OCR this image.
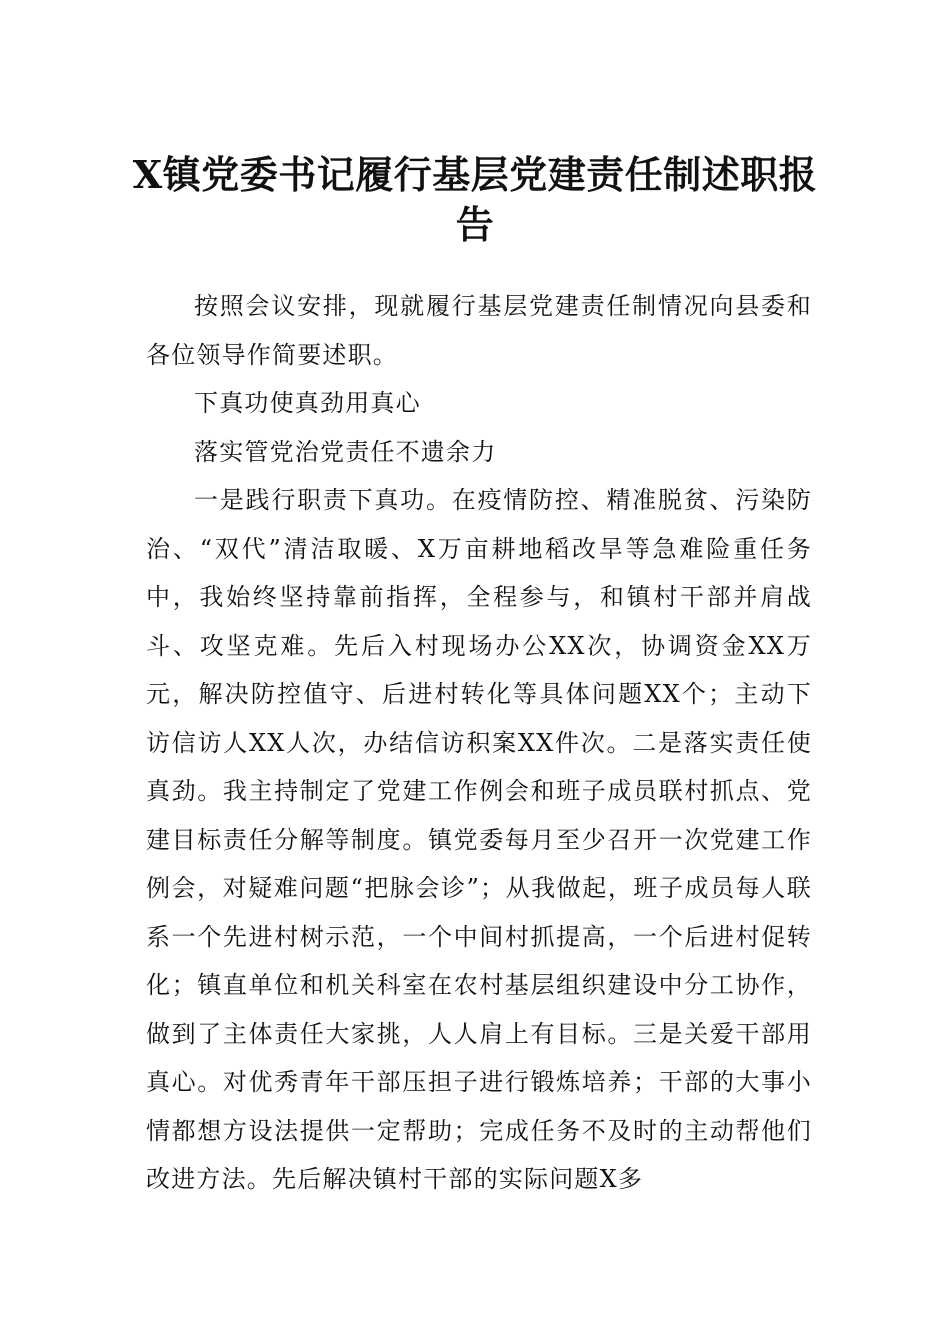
X镇党委书记履行基层党建责任制述职报
告

按照会议安排，现就履行基层党建责任制情况向县委和各位领导作简要述职。

下真功使真劲用真心

落实管党治党责任不遗余力

一是践行职责下真功。在疫情防控、精准脱贫、污染防治、“双代”清洁取暖、X万亩耕地稻改旱等急难险重任务中，我始终坚持靠前指挥，全程参与，和镇村干部并肩战斗、攻坚克难。先后入村现场办公XX次，协调资金XX万元，解决防控值守、后进村转化等具体问题XX个；主动下访信访人XX人次，办结信访积案XX件次。二是落实责任使真劲。我主持制定了党建工作例会和班子成员联村抓点、党建目标责任分解等制度。镇党委每月至少召开一次党建工作例会，对疑难问题“把脉会诊”；从我做起，班子成员每人联系一个先进村树示范，一个中间村抓提高，一个后进村促转化；镇直单位和机关科室在农村基层组织建设中分工协作，做到了主体责任大家挑，人人肩上有目标。三是关爱干部用真心。对优秀青年干部压担子进行锻炼培养；干部的大事小情都想方设法提供一定帮助；完成任务不及时的主动帮他们改进方法。先后解决镇村干部的实际问题X多
